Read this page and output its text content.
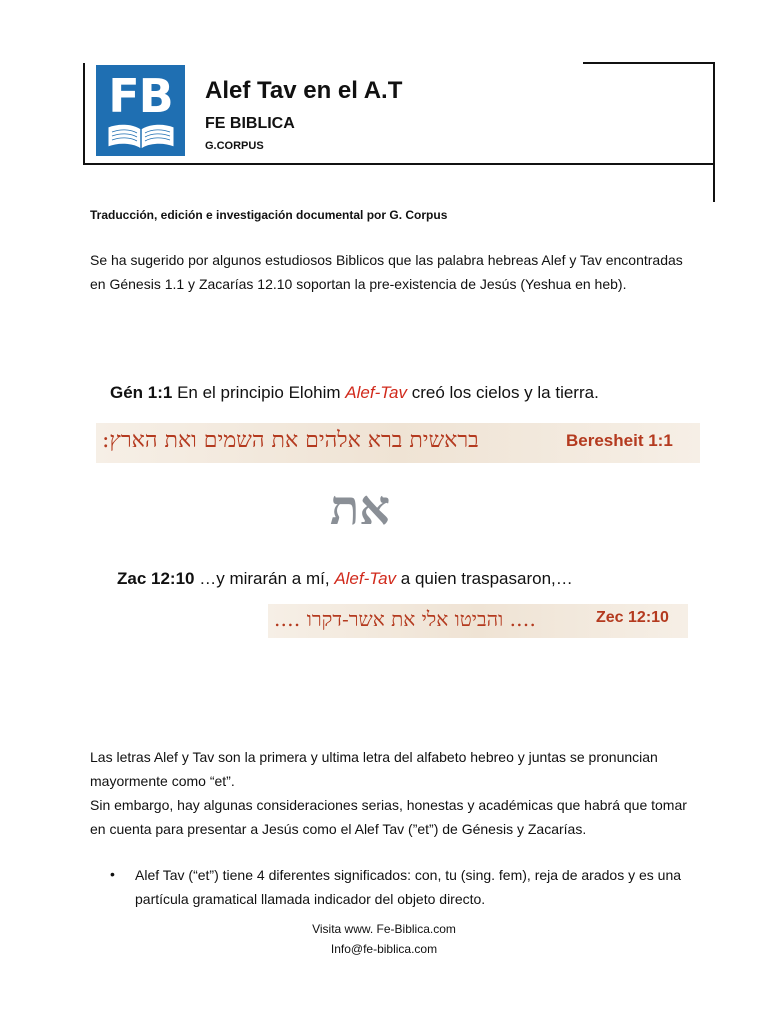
FB	Alef Tav en el A.T
FE BIBLICA
G.CORPUS
Traducción, edición e investigación documental por G. Corpus
Se ha sugerido por algunos estudiosos Biblicos que las palabra hebreas Alef y Tav encontradas en Génesis 1.1 y Zacarías 12.10 soportan la pre-existencia de Jesús (Yeshua en heb).
Gén 1:1 En el principio Elohim Alef-Tav creó los cielos y la tierra.
בראשית ברא אלהים את השמים ואת הארץ:	Beresheit 1:1
את
Zac 12:10 …y mirarán a mí, Alef-Tav a quien traspasaron,…
…. והביטו אלי את אשר-דקרו ….	Zec 12:10
Las letras Alef y Tav son la primera y ultima letra del alfabeto hebreo y juntas se pronuncian mayormente como “et”.
Sin embargo, hay algunas consideraciones serias, honestas y académicas que habrá que tomar en cuenta para presentar a Jesús como el Alef Tav (”et”) de Génesis y Zacarías.
• Alef Tav (“et”) tiene 4 diferentes significados: con, tu (sing. fem), reja de arados y es una partícula gramatical llamada indicador del objeto directo.
Visita www. Fe-Biblica.com
Info@fe-biblica.com
